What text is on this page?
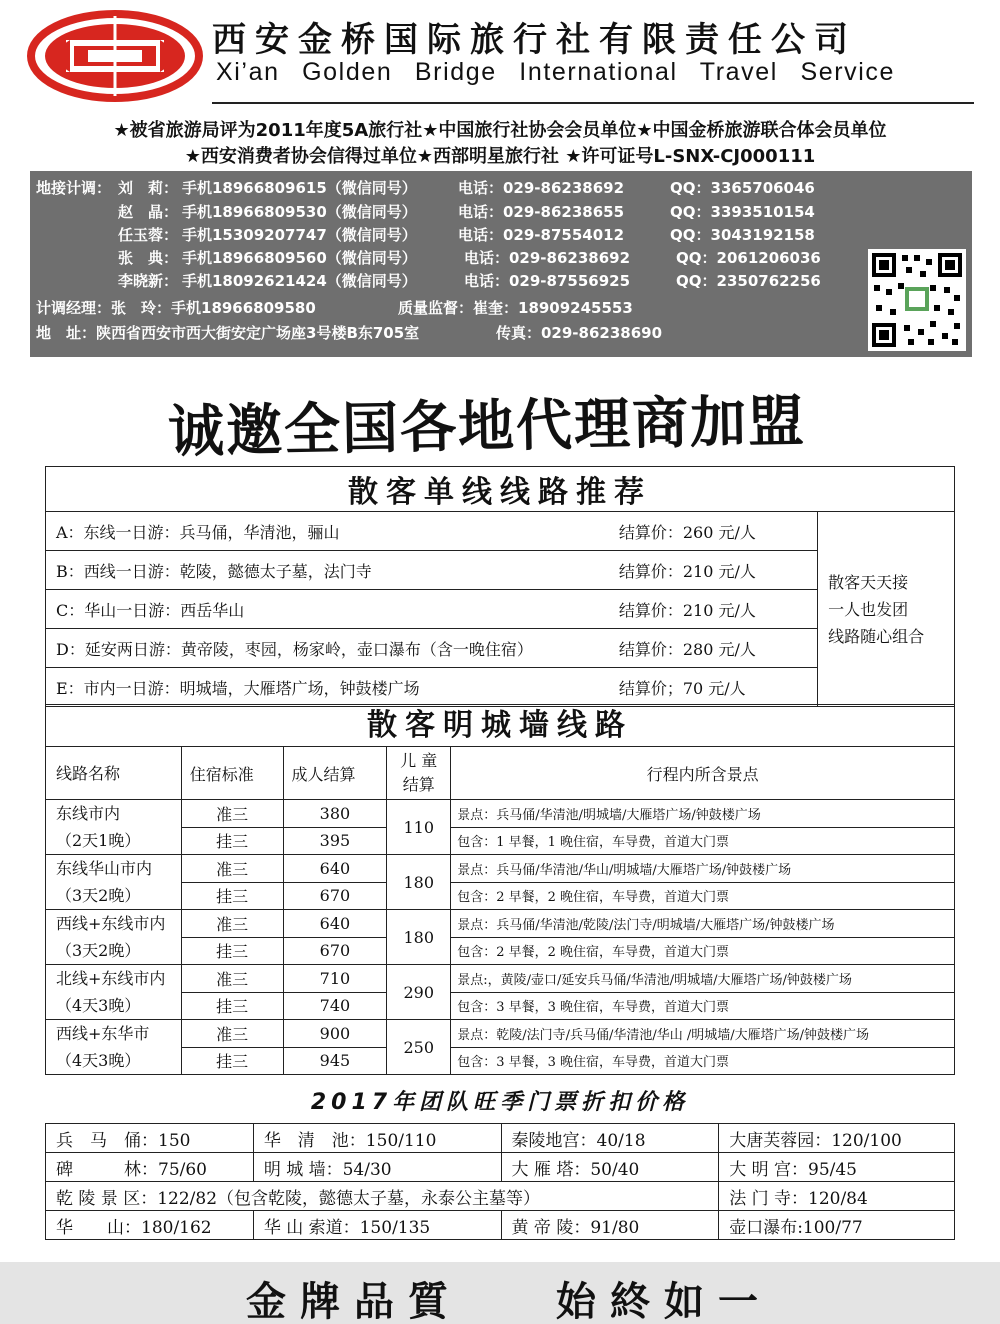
西安金桥国际旅行社有限责任公司
Xi’an Golden Bridge International Travel Service
★被省旅游局评为2011年度5A旅行社★中国旅行社协会会员单位★中国金桥旅游联合体会员单位
★西安消费者协会信得过单位★西部明星旅行社 ★许可证号L-SNX-CJ000111
地接计调： 刘　莉： 手机18966809615（微信同号）	电话：029-86238692	QQ：3365706046
赵　晶： 手机18966809530（微信同号）	电话：029-86238655	QQ：3393510154
任玉蓉： 手机15309207747（微信同号）	电话：029-87554012	QQ：3043192158
张　典： 手机18966809560（微信同号）	电话：029-86238692	QQ：2061206036
李晓新： 手机18092621424（微信同号）	电话：029-87556925	QQ：2350762256
计调经理：张　玲：手机18966809580	质量监督：崔奎：18909245553
地　址：陕西省西安市西大街安定广场座3号楼B东705室	传真：029-86238690
诚邀全国各地代理商加盟
散客单线线路推荐		
A：东线一日游：兵马俑，华清池，骊山	结算价：260 元/人	散客天天接
一人也发团
线路随心组合

B：西线一日游：乾陵，懿德太子墓，法门寺	结算价：210 元/人	
C：华山一日游：西岳华山	结算价：210 元/人	
D：延安两日游：黄帝陵，枣园，杨家岭，壶口瀑布（含一晚住宿）	结算价：280 元/人	
E：市内一日游：明城墙，大雁塔广场，钟鼓楼广场	结算价；70 元/人	
散客明城墙线路
线路名称	住宿标准	成人结算	儿 童
结算	行程内所含景点

东线市内
（2天1晚）	准三	380	110	景点：兵马俑/华清池/明城墙/大雁塔广场/钟鼓楼广场
	挂三	395		包含：1 早餐，1 晚住宿，车导费，首道大门票

东线华山市内
（3天2晚）	准三	640	180	景点：兵马俑/华清池/华山/明城墙/大雁塔广场/钟鼓楼广场
	挂三	670		包含：2 早餐，2 晚住宿，车导费，首道大门票

西线+东线市内
（3天2晚）	准三	640	180	景点：兵马俑/华清池/乾陵/法门寺/明城墙/大雁塔广场/钟鼓楼广场
	挂三	670		包含：2 早餐，2 晚住宿，车导费，首道大门票

北线+东线市内
（4天3晚）	准三	710	290	景点:，黄陵/壶口/延安兵马俑/华清池/明城墙/大雁塔广场/钟鼓楼广场
	挂三	740		包含：3 早餐，3 晚住宿，车导费，首道大门票

西线+东华市
（4天3晚）	准三	900	250	景点：乾陵/法门寺/兵马俑/华清池/华山 /明城墙/大雁塔广场/钟鼓楼广场
	挂三	945		包含：3 早餐，3 晚住宿，车导费，首道大门票
2017年团队旺季门票折扣价格
兵　马　俑：150	华　清　池：150/110	秦陵地宫：40/18	大唐芙蓉园：120/100
碑　　　林：75/60	明 城 墙：54/30	大 雁 塔：50/40	大 明 宫：95/45
乾 陵 景 区：122/82（包含乾陵，懿德太子墓，永泰公主墓等）			法 门 寺：120/84
华　　山：180/162	华 山 索道：150/135	黄 帝 陵：91/80	壶口瀑布:100/77
金牌品質 始終如一
